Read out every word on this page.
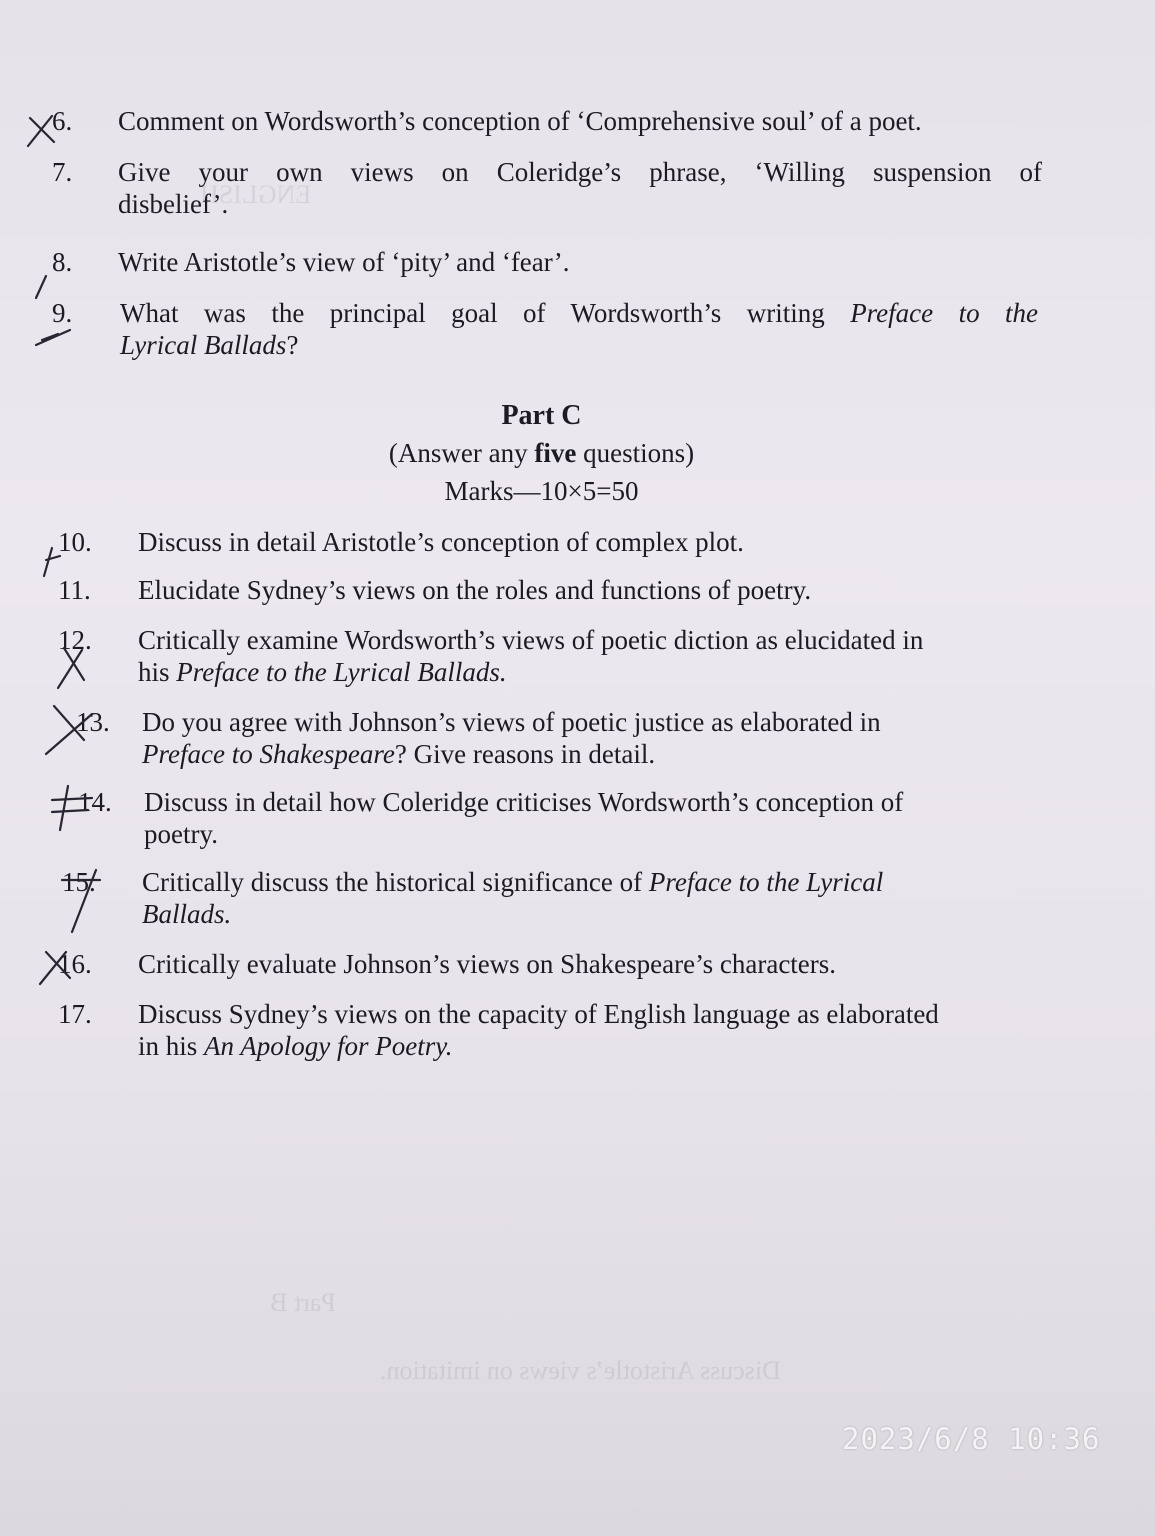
ENGLISH
Part B
Discuss Aristotle’s views on imitation.
6. Comment on Wordsworth’s conception of ‘Comprehensive soul’ of a poet.
7. Give your own views on Coleridge’s phrase, ‘Willing suspension of
disbelief’.
8. Write Aristotle’s view of ‘pity’ and ‘fear’.
9. What was the principal goal of Wordsworth’s writing Preface to the
Lyrical Ballads?
Part C
(Answer any five questions)
Marks—10×5=50
10. Discuss in detail Aristotle’s conception of complex plot.
11. Elucidate Sydney’s views on the roles and functions of poetry.
12. Critically examine Wordsworth’s views of poetic diction as elucidated in
his Preface to the Lyrical Ballads.
13. Do you agree with Johnson’s views of poetic justice as elaborated in
Preface to Shakespeare? Give reasons in detail.
14. Discuss in detail how Coleridge criticises Wordsworth’s conception of
poetry.
15. Critically discuss the historical significance of Preface to the Lyrical
Ballads.
16. Critically evaluate Johnson’s views on Shakespeare’s characters.
17. Discuss Sydney’s views on the capacity of English language as elaborated
in his An Apology for Poetry.
2023/6/8 10:36
